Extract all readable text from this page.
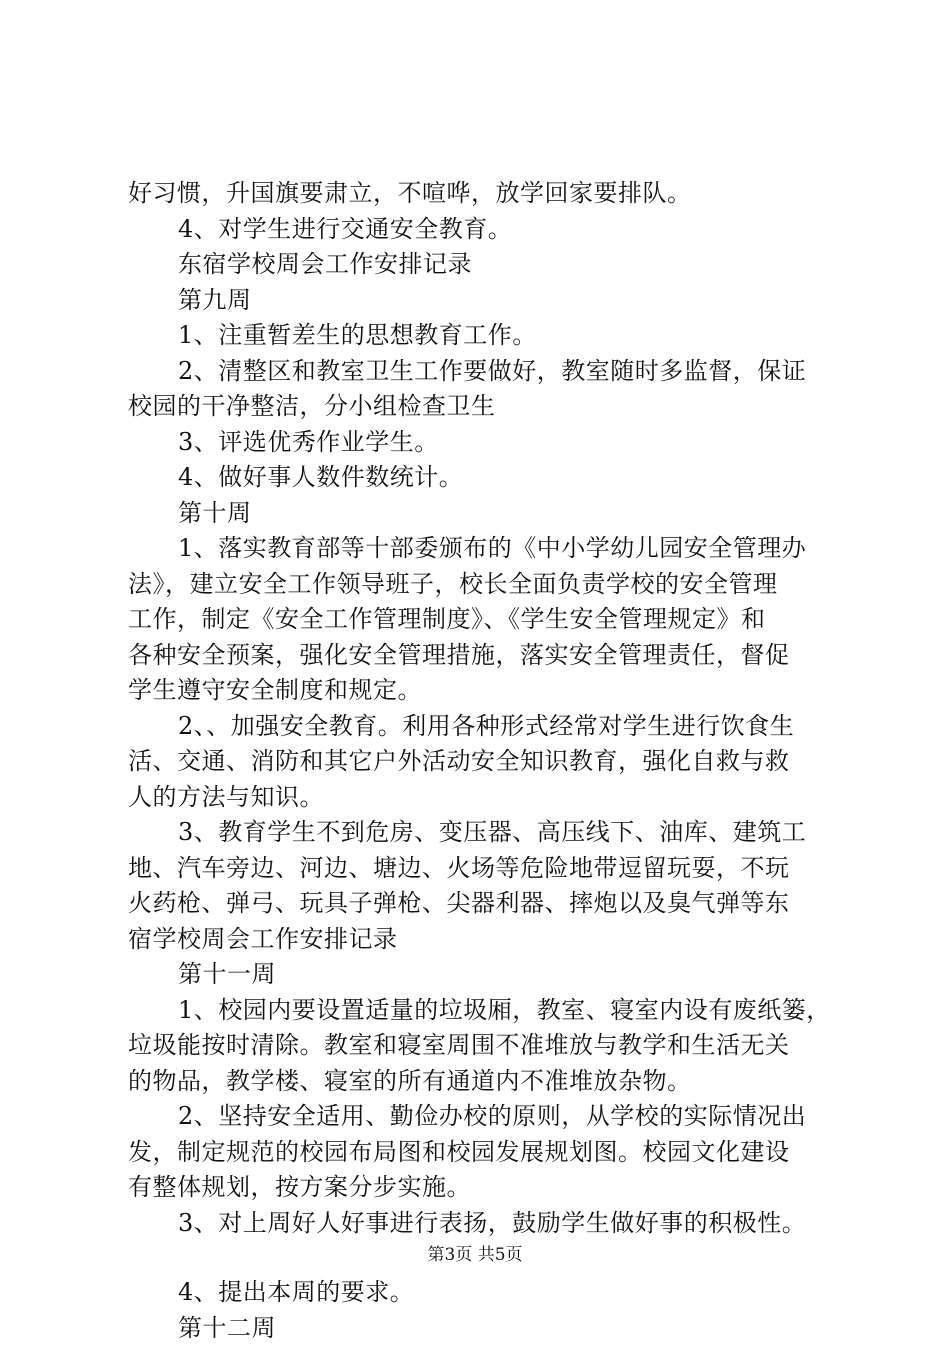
好习惯，升国旗要肃立，不喧哗，放学回家要排队。
4、对学生进行交通安全教育。
东宿学校周会工作安排记录
第九周
1、注重暂差生的思想教育工作。
2、清整区和教室卫生工作要做好，教室随时多监督，保证
校园的干净整洁，分小组检查卫生
3、评选优秀作业学生。
4、做好事人数件数统计。
第十周
1、落实教育部等十部委颁布的《中小学幼儿园安全管理办
法》，建立安全工作领导班子，校长全面负责学校的安全管理
工作，制定《安全工作管理制度》、《学生安全管理规定》和
各种安全预案，强化安全管理措施，落实安全管理责任，督促
学生遵守安全制度和规定。
2、、加强安全教育。利用各种形式经常对学生进行饮食生
活、交通、消防和其它户外活动安全知识教育，强化自救与救
人的方法与知识。
3、教育学生不到危房、变压器、高压线下、油库、建筑工
地、汽车旁边、河边、塘边、火场等危险地带逗留玩耍，不玩
火药枪、弹弓、玩具子弹枪、尖器利器、摔炮以及臭气弹等东
宿学校周会工作安排记录
第十一周
1、校园内要设置适量的垃圾厢，教室、寝室内设有废纸篓，
垃圾能按时清除。教室和寝室周围不准堆放与教学和生活无关
的物品，教学楼、寝室的所有通道内不准堆放杂物。
2、坚持安全适用、勤俭办校的原则，从学校的实际情况出
发，制定规范的校园布局图和校园发展规划图。校园文化建设
有整体规划，按方案分步实施。
3、对上周好人好事进行表扬，鼓励学生做好事的积极性。
4、提出本周的要求。
第十二周
第3页 共5页
